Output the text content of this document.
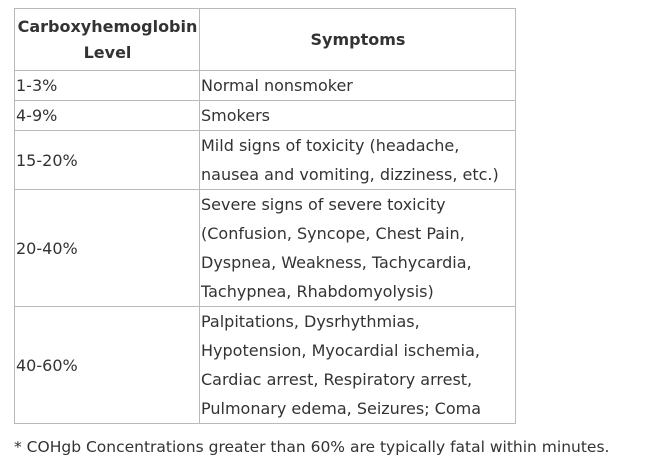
Carboxyhemoglobin Level	Symptoms
1-3%	Normal nonsmoker
4-9%	Smokers
15-20%	Mild signs of toxicity (headache, nausea and vomiting, dizziness, etc.)
20-40%	Severe signs of severe toxicity (Confusion, Syncope, Chest Pain, Dyspnea, Weakness, Tachycardia, Tachypnea, Rhabdomyolysis)
40-60%	Palpitations, Dysrhythmias, Hypotension, Myocardial ischemia, Cardiac arrest, Respiratory arrest, Pulmonary edema, Seizures; Coma
* COHgb Concentrations greater than 60% are typically fatal within minutes.
